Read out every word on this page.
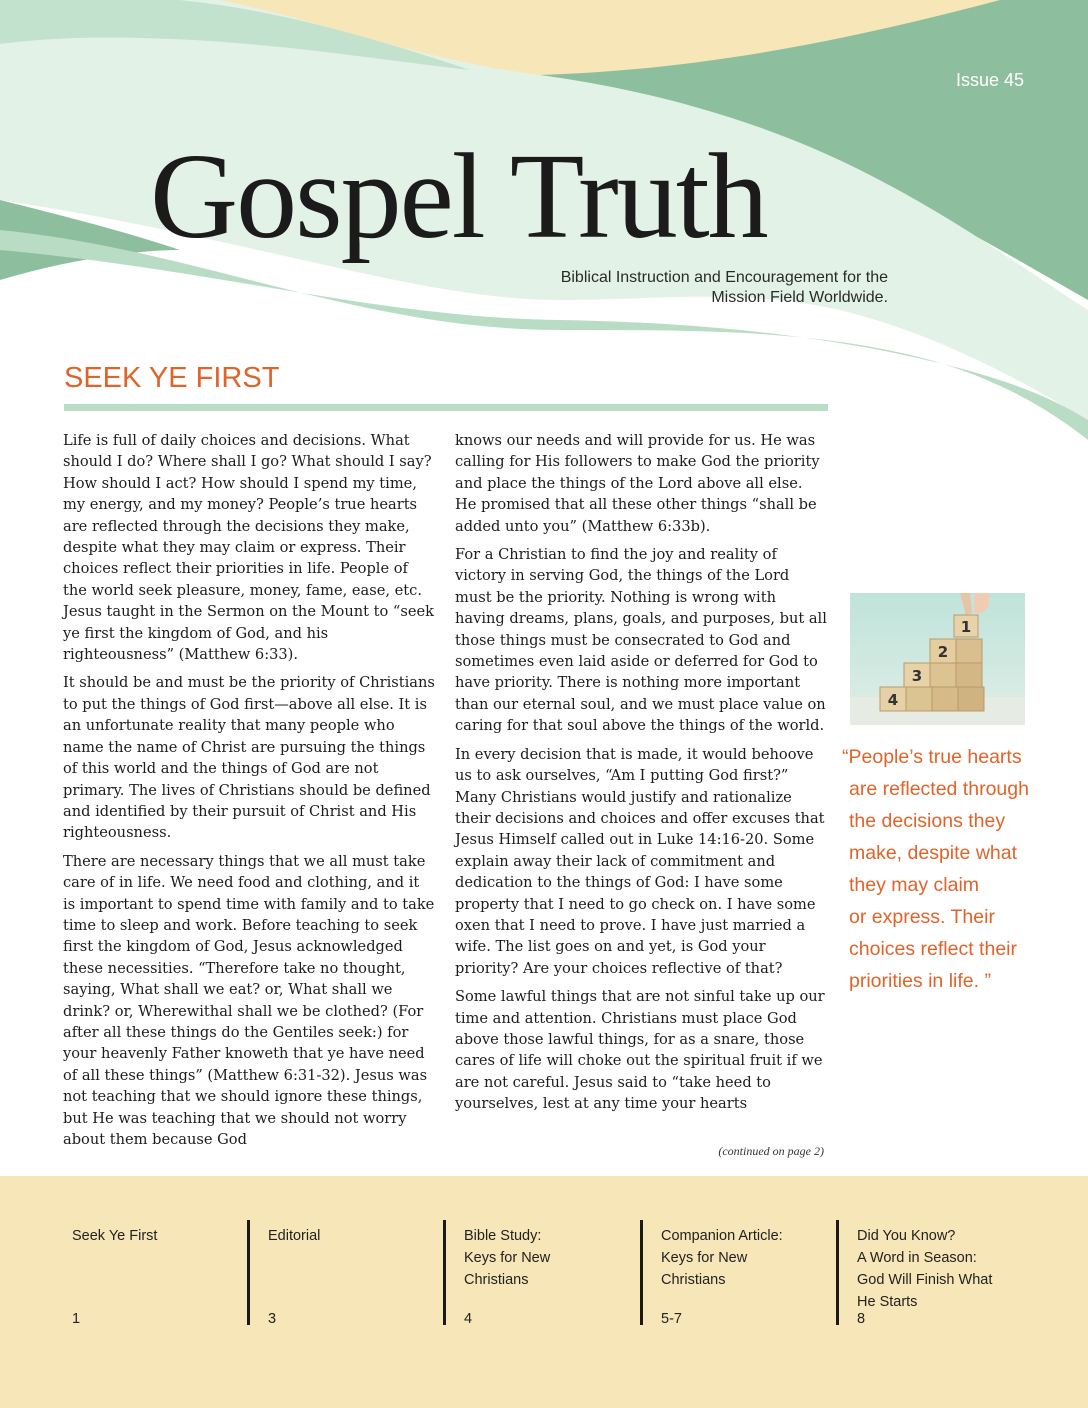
Issue 45
Gospel Truth
Biblical Instruction and Encouragement for the
Mission Field Worldwide.
SEEK YE FIRST

Life is full of daily choices and decisions. What should I do? Where shall I go? What should I say? How should I act? How should I spend my time, my energy, and my money? People’s true hearts are reflected through the decisions they make, despite what they may claim or express. Their choices reflect their priorities in life. People of the world seek pleasure, money, fame, ease, etc. Jesus taught in the Sermon on the Mount to “seek ye first the kingdom of God, and his righteousness” (Matthew 6:33).

It should be and must be the priority of Christians to put the things of God first—above all else. It is an unfortunate reality that many people who name the name of Christ are pursuing the things of this world and the things of God are not primary. The lives of Christians should be defined and identified by their pursuit of Christ and His righteousness.

There are necessary things that we all must take care of in life. We need food and clothing, and it is important to spend time with family and to take time to sleep and work. Before teaching to seek first the kingdom of God, Jesus acknowledged these necessities. “Therefore take no thought, saying, What shall we eat? or, What shall we drink? or, Wherewithal shall we be clothed? (For after all these things do the Gentiles seek:) for your heavenly Father knoweth that ye have need of all these things” (Matthew 6:31-32). Jesus was not teaching that we should ignore these things, but He was teaching that we should not worry about them because God

knows our needs and will provide for us. He was calling for His followers to make God the priority and place the things of the Lord above all else. He promised that all these other things “shall be added unto you” (Matthew 6:33b).

For a Christian to find the joy and reality of victory in serving God, the things of the Lord must be the priority. Nothing is wrong with having dreams, plans, goals, and purposes, but all those things must be consecrated to God and sometimes even laid aside or deferred for God to have priority. There is nothing more important than our eternal soul, and we must place value on caring for that soul above the things of the world.

In every decision that is made, it would behoove us to ask ourselves, “Am I putting God first?” Many Christians would justify and rationalize their decisions and choices and offer excuses that Jesus Himself called out in Luke 14:16-20. Some explain away their lack of commitment and dedication to the things of God: I have some property that I need to go check on. I have some oxen that I need to prove. I have just married a wife. The list goes on and yet, is God your priority? Are your choices reflective of that?

Some lawful things that are not sinful take up our time and attention. Christians must place God above those lawful things, for as a snare, those cares of life will choke out the spiritual fruit if we are not careful. Jesus said to “take heed to yourselves, lest at any time your hearts

(continued on page 2)
1
2
3
4
“People’s true hearts
are reflected through
the decisions they
make, despite what
they may claim
or express. Their
choices reflect their
priorities in life. ”
Seek Ye First
1
Editorial
3
Bible Study:
Keys for New
Christians
4
Companion Article:
Keys for New
Christians
5-7
Did You Know?
A Word in Season:
God Will Finish What
He Starts
8
